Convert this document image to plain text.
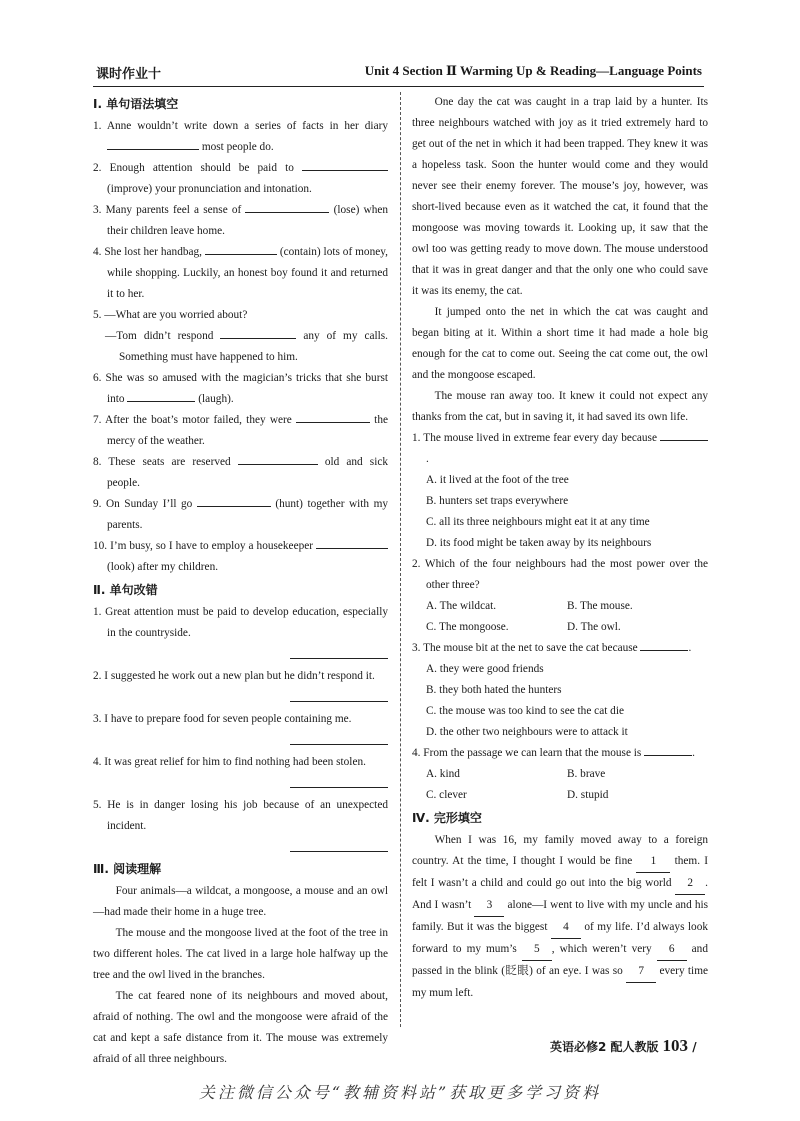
课时作业十	Unit 4 Section Ⅱ Warming Up & Reading—Language Points
Ⅰ. 单句语法填空
1. Anne wouldn’t write down a series of facts in her diary  most people do.
2. Enough attention should be paid to  (improve) your pronunciation and intonation.
3. Many parents feel a sense of	(lose) when their children leave home.
4. She lost her handbag,	(contain) lots of money, while shopping. Luckily, an honest boy found it and returned it to her.
5. —What are you worried about?
—Tom didn’t respond	any of my calls. Something must have happened to him.
6. She was so amused with the magician’s tricks that she burst into	(laugh).
7. After the boat’s motor failed, they were	the mercy of the weather.
8. These seats are reserved	old and sick people.
9. On Sunday I’ll go	(hunt) together with my parents.
10. I’m busy, so I have to employ a housekeeper  (look) after my children.
Ⅱ. 单句改错
1. Great attention must be paid to develop education, especially in the countryside.
2. I suggested he work out a new plan but he didn’t respond it.
3. I have to prepare food for seven people containing me.
4. It was great relief for him to find nothing had been stolen.
5. He is in danger losing his job because of an unexpected incident.
Ⅲ. 阅读理解
Four animals—a wildcat, a mongoose, a mouse and an owl—had made their home in a huge tree.
The mouse and the mongoose lived at the foot of the tree in two different holes. The cat lived in a large hole halfway up the tree and the owl lived in the branches.
The cat feared none of its neighbours and moved about, afraid of nothing. The owl and the mongoose were afraid of the cat and kept a safe distance from it. The mouse was extremely afraid of all three neighbours.
One day the cat was caught in a trap laid by a hunter. Its three neighbours watched with joy as it tried extremely hard to get out of the net in which it had been trapped. They knew it was a hopeless task. Soon the hunter would come and they would never see their enemy forever. The mouse’s joy, however, was short-lived because even as it watched the cat, it found that the mongoose was moving towards it. Looking up, it saw that the owl too was getting ready to move down. The mouse understood that it was in great danger and that the only one who could save it was its enemy, the cat.
It jumped onto the net in which the cat was caught and began biting at it. Within a short time it had made a hole big enough for the cat to come out. Seeing the cat come out, the owl and the mongoose escaped.
The mouse ran away too. It knew it could not expect any thanks from the cat, but in saving it, it had saved its own life.
1. The mouse lived in extreme fear every day because .
A. it lived at the foot of the tree
B. hunters set traps everywhere
C. all its three neighbours might eat it at any time
D. its food might be taken away by its neighbours
2. Which of the four neighbours had the most power over the other three?
A. The wildcat.	B. The mouse.
C. The mongoose.	D. The owl.
3. The mouse bit at the net to save the cat because	.
A. they were good friends
B. they both hated the hunters
C. the mouse was too kind to see the cat die
D. the other two neighbours were to attack it
4. From the passage we can learn that the mouse is	.
A. kind	B. brave
C. clever	D. stupid
Ⅳ. 完形填空
When I was 16, my family moved away to a foreign country. At the time, I thought I would be fine 1 them. I felt I wasn’t a child and could go out into the big world 2 . And I wasn’t 3 alone—I went to live with my uncle and his family. But it was the biggest 4 of my life. I’d always look forward to my mum’s 5 , which weren’t very 6 and passed in the blink (眨眼) of an eye. I was so 7 every time my mum left.
英语必修2 配人教版 103 /
关注微信公众号“教辅资料站”获取更多学习资料
